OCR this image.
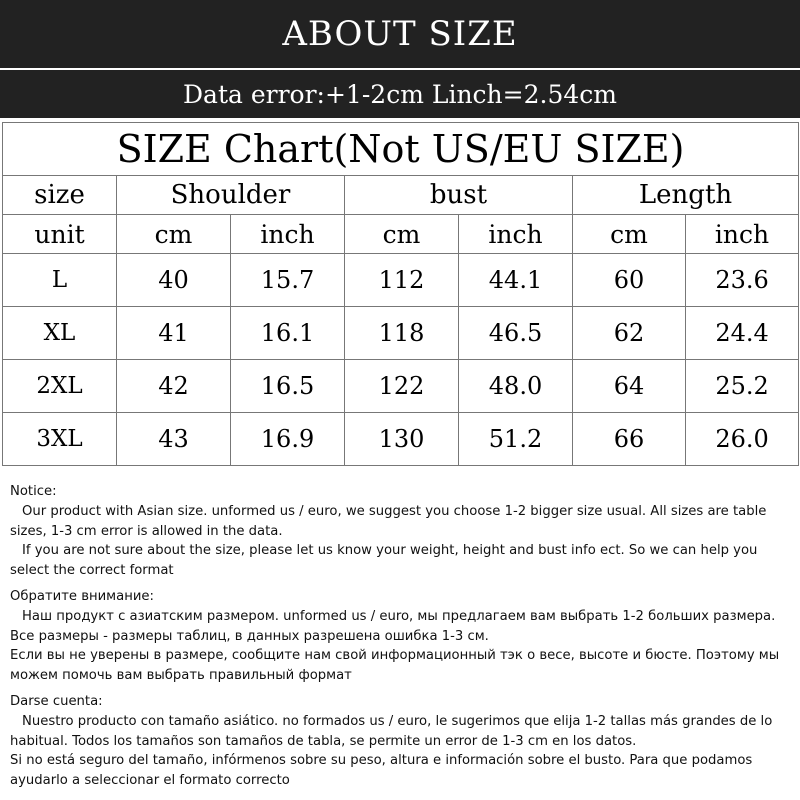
ABOUT SIZE
Data error:+1-2cm Linch=2.54cm
SIZE Chart(Not US/EU SIZE)						
size	Shoulder		bust		Length	
unit	cm	inch	cm	inch	cm	inch
L	40	15.7	112	44.1	60	23.6
XL	41	16.1	118	46.5	62	24.4
2XL	42	16.5	122	48.0	64	25.2
3XL	43	16.9	130	51.2	66	26.0

Notice:

Our product with Asian size. unformed us / euro, we suggest you choose 1-2 bigger size usual. All sizes are table sizes, 1-3 cm error is allowed in the data.

If you are not sure about the size, please let us know your weight, height and bust info ect. So we can help you select the correct format

Обратите внимание:

Наш продукт с азиатским размером. unformed us / euro, мы предлагаем вам выбрать 1-2 больших размера. Все размеры - размеры таблиц, в данных разрешена ошибка 1-3 см.

Если вы не уверены в размере, сообщите нам свой информационный тэк о весе, высоте и бюсте. Поэтому мы можем помочь вам выбрать правильный формат

Darse cuenta:

Nuestro producto con tamaño asiático. no formados us / euro, le sugerimos que elija 1-2 tallas más grandes de lo habitual. Todos los tamaños son tamaños de tabla, se permite un error de 1-3 cm en los datos.

Si no está seguro del tamaño, infórmenos sobre su peso, altura e información sobre el busto. Para que podamos ayudarlo a seleccionar el formato correcto
